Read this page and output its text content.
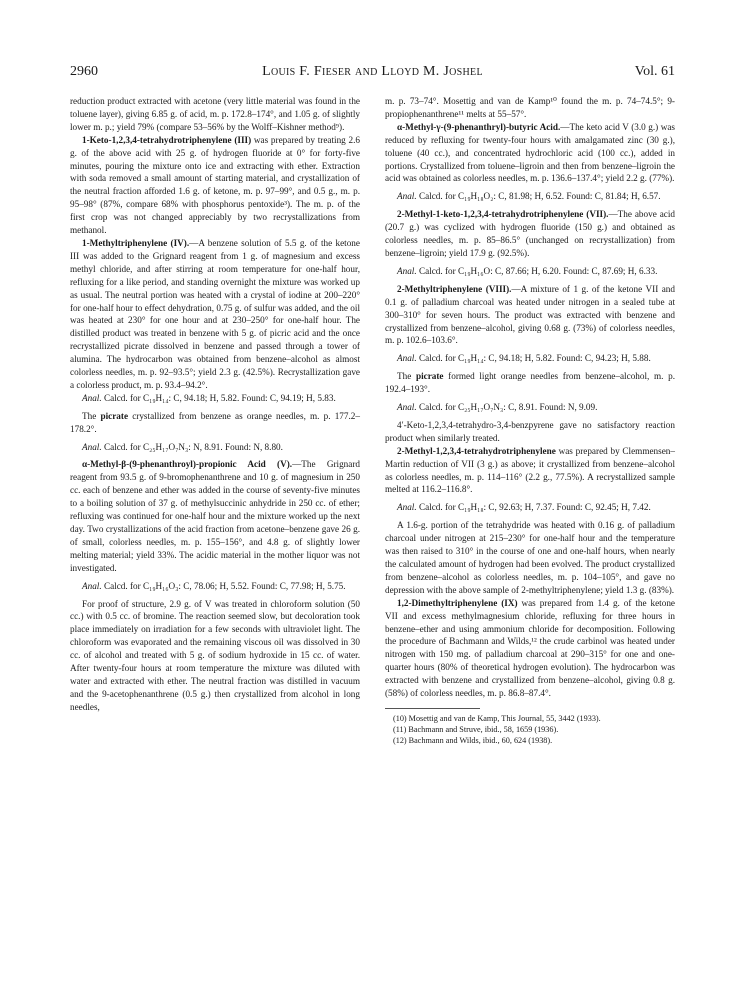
2960	Louis F. Fieser and Lloyd M. Joshel	Vol. 61

reduction product extracted with acetone (very little material was found in the toluene layer), giving 6.85 g. of acid, m. p. 172.8–174°, and 1.05 g. of slightly lower m. p.; yield 79% (compare 53–56% by the Wolff–Kishner method⁹).

1-Keto-1,2,3,4-tetrahydrotriphenylene (III) was prepared by treating 2.6 g. of the above acid with 25 g. of hydrogen fluoride at 0° for forty-five minutes, pouring the mixture onto ice and extracting with ether. Extraction with soda removed a small amount of starting material, and crystallization of the neutral fraction afforded 1.6 g. of ketone, m. p. 97–99°, and 0.5 g., m. p. 95–98° (87%, compare 68% with phosphorus pentoxide³). The m. p. of the first crop was not changed appreciably by two recrystallizations from methanol.

1-Methyltriphenylene (IV).—A benzene solution of 5.5 g. of the ketone III was added to the Grignard reagent from 1 g. of magnesium and excess methyl chloride, and after stirring at room temperature for one-half hour, refluxing for a like period, and standing overnight the mixture was worked up as usual. The neutral portion was heated with a crystal of iodine at 200–220° for one-half hour to effect dehydration, 0.75 g. of sulfur was added, and the oil was heated at 230° for one hour and at 230–250° for one-half hour. The distilled product was treated in benzene with 5 g. of picric acid and the once recrystallized picrate dissolved in benzene and passed through a tower of alumina. The hydrocarbon was obtained from benzene–alcohol as almost colorless needles, m. p. 92–93.5°; yield 2.3 g. (42.5%). Recrystallization gave a colorless product, m. p. 93.4–94.2°.

Anal. Calcd. for C₁₉H₁₄: C, 94.18; H, 5.82. Found: C, 94.19; H, 5.83.

The picrate crystallized from benzene as orange needles, m. p. 177.2–178.2°.

Anal. Calcd. for C₂₅H₁₇O₇N₃: N, 8.91. Found: N, 8.80.

α-Methyl-β-(9-phenanthroyl)-propionic Acid (V).—The Grignard reagent from 93.5 g. of 9-bromophenanthrene and 10 g. of magnesium in 250 cc. each of benzene and ether was added in the course of seventy-five minutes to a boiling solution of 37 g. of methylsuccinic anhydride in 250 cc. of ether; refluxing was continued for one-half hour and the mixture worked up the next day. Two crystallizations of the acid fraction from acetone–benzene gave 26 g. of small, colorless needles, m. p. 155–156°, and 4.8 g. of slightly lower melting material; yield 33%. The acidic material in the mother liquor was not investigated.

Anal. Calcd. for C₁₉H₁₆O₃: C, 78.06; H, 5.52. Found: C, 77.98; H, 5.75.

For proof of structure, 2.9 g. of V was treated in chloroform solution (50 cc.) with 0.5 cc. of bromine. The reaction seemed slow, but decoloration took place immediately on irradiation for a few seconds with ultraviolet light. The chloroform was evaporated and the remaining viscous oil was dissolved in 30 cc. of alcohol and treated with 5 g. of sodium hydroxide in 15 cc. of water. After twenty-four hours at room temperature the mixture was diluted with water and extracted with ether. The neutral fraction was distilled in vacuum and the 9-acetophenanthrene (0.5 g.) then crystallized from alcohol in long needles,

m. p. 73–74°. Mosettig and van de Kamp¹⁰ found the m. p. 74–74.5°; 9-propiophenanthrene¹¹ melts at 55–57°.

α-Methyl-γ-(9-phenanthryl)-butyric Acid.—The keto acid V (3.0 g.) was reduced by refluxing for twenty-four hours with amalgamated zinc (30 g.), toluene (40 cc.), and concentrated hydrochloric acid (100 cc.), added in portions. Crystallized from toluene–ligroin and then from benzene–ligroin the acid was obtained as colorless needles, m. p. 136.6–137.4°; yield 2.2 g. (77%).

Anal. Calcd. for C₁₉H₁₈O₂: C, 81.98; H, 6.52. Found: C, 81.84; H, 6.57.

2-Methyl-1-keto-1,2,3,4-tetrahydrotriphenylene (VII).—The above acid (20.7 g.) was cyclized with hydrogen fluoride (150 g.) and obtained as colorless needles, m. p. 85–86.5° (unchanged on recrystallization) from benzene–ligroin; yield 17.9 g. (92.5%).

Anal. Calcd. for C₁₉H₁₆O: C, 87.66; H, 6.20. Found: C, 87.69; H, 6.33.

2-Methyltriphenylene (VIII).—A mixture of 1 g. of the ketone VII and 0.1 g. of palladium charcoal was heated under nitrogen in a sealed tube at 300–310° for seven hours. The product was extracted with benzene and crystallized from benzene–alcohol, giving 0.68 g. (73%) of colorless needles, m. p. 102.6–103.6°.

Anal. Calcd. for C₁₉H₁₄: C, 94.18; H, 5.82. Found: C, 94.23; H, 5.88.

The picrate formed light orange needles from benzene–alcohol, m. p. 192.4–193°.

Anal. Calcd. for C₂₅H₁₇O₇N₃: C, 8.91. Found: N, 9.09.

4′-Keto-1,2,3,4-tetrahydro-3,4-benzpyrene gave no satisfactory reaction product when similarly treated.

2-Methyl-1,2,3,4-tetrahydrotriphenylene was prepared by Clemmensen–Martin reduction of VII (3 g.) as above; it crystallized from benzene–alcohol as colorless needles, m. p. 114–116° (2.2 g., 77.5%). A recrystallized sample melted at 116.2–116.8°.

Anal. Calcd. for C₁₉H₁₈: C, 92.63; H, 7.37. Found: C, 92.45; H, 7.42.

A 1.6-g. portion of the tetrahydride was heated with 0.16 g. of palladium charcoal under nitrogen at 215–230° for one-half hour and the temperature was then raised to 310° in the course of one and one-half hours, when nearly the calculated amount of hydrogen had been evolved. The product crystallized from benzene–alcohol as colorless needles, m. p. 104–105°, and gave no depression with the above sample of 2-methyltriphenylene; yield 1.3 g. (83%).

1,2-Dimethyltriphenylene (IX) was prepared from 1.4 g. of the ketone VII and excess methylmagnesium chloride, refluxing for three hours in benzene–ether and using ammonium chloride for decomposition. Following the procedure of Bachmann and Wilds,¹² the crude carbinol was heated under nitrogen with 150 mg. of palladium charcoal at 290–315° for one and one-quarter hours (80% of theoretical hydrogen evolution). The hydrocarbon was extracted with benzene and crystallized from benzene–alcohol, giving 0.8 g. (58%) of colorless needles, m. p. 86.8–87.4°.

(10) Mosettig and van de Kamp, This Journal, 55, 3442 (1933).
(11) Bachmann and Struve, ibid., 58, 1659 (1936).
(12) Bachmann and Wilds, ibid., 60, 624 (1938).
